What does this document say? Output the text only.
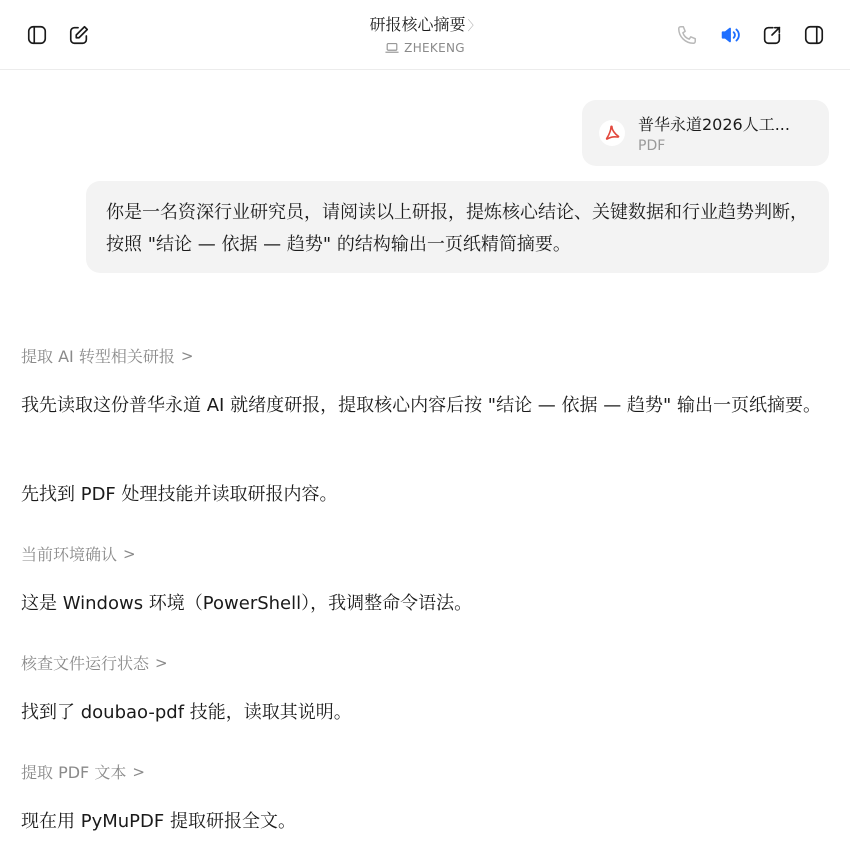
研报核心摘要 〉
ZHEKENG
普华永道2026人工...
PDF
你是一名资深行业研究员，请阅读以上研报，提炼核心结论、关键数据和行业趋势判断，按照 "结论 — 依据 — 趋势" 的结构输出一页纸精简摘要。
提取 AI 转型相关研报 >
我先读取这份普华永道 AI 就绪度研报，提取核心内容后按 "结论 — 依据 — 趋势" 输出一页纸摘要。
先找到 PDF 处理技能并读取研报内容。
当前环境确认 >
这是 Windows 环境（PowerShell），我调整命令语法。
核查文件运行状态 >
找到了 doubao-pdf 技能，读取其说明。
提取 PDF 文本 >
现在用 PyMuPDF 提取研报全文。
